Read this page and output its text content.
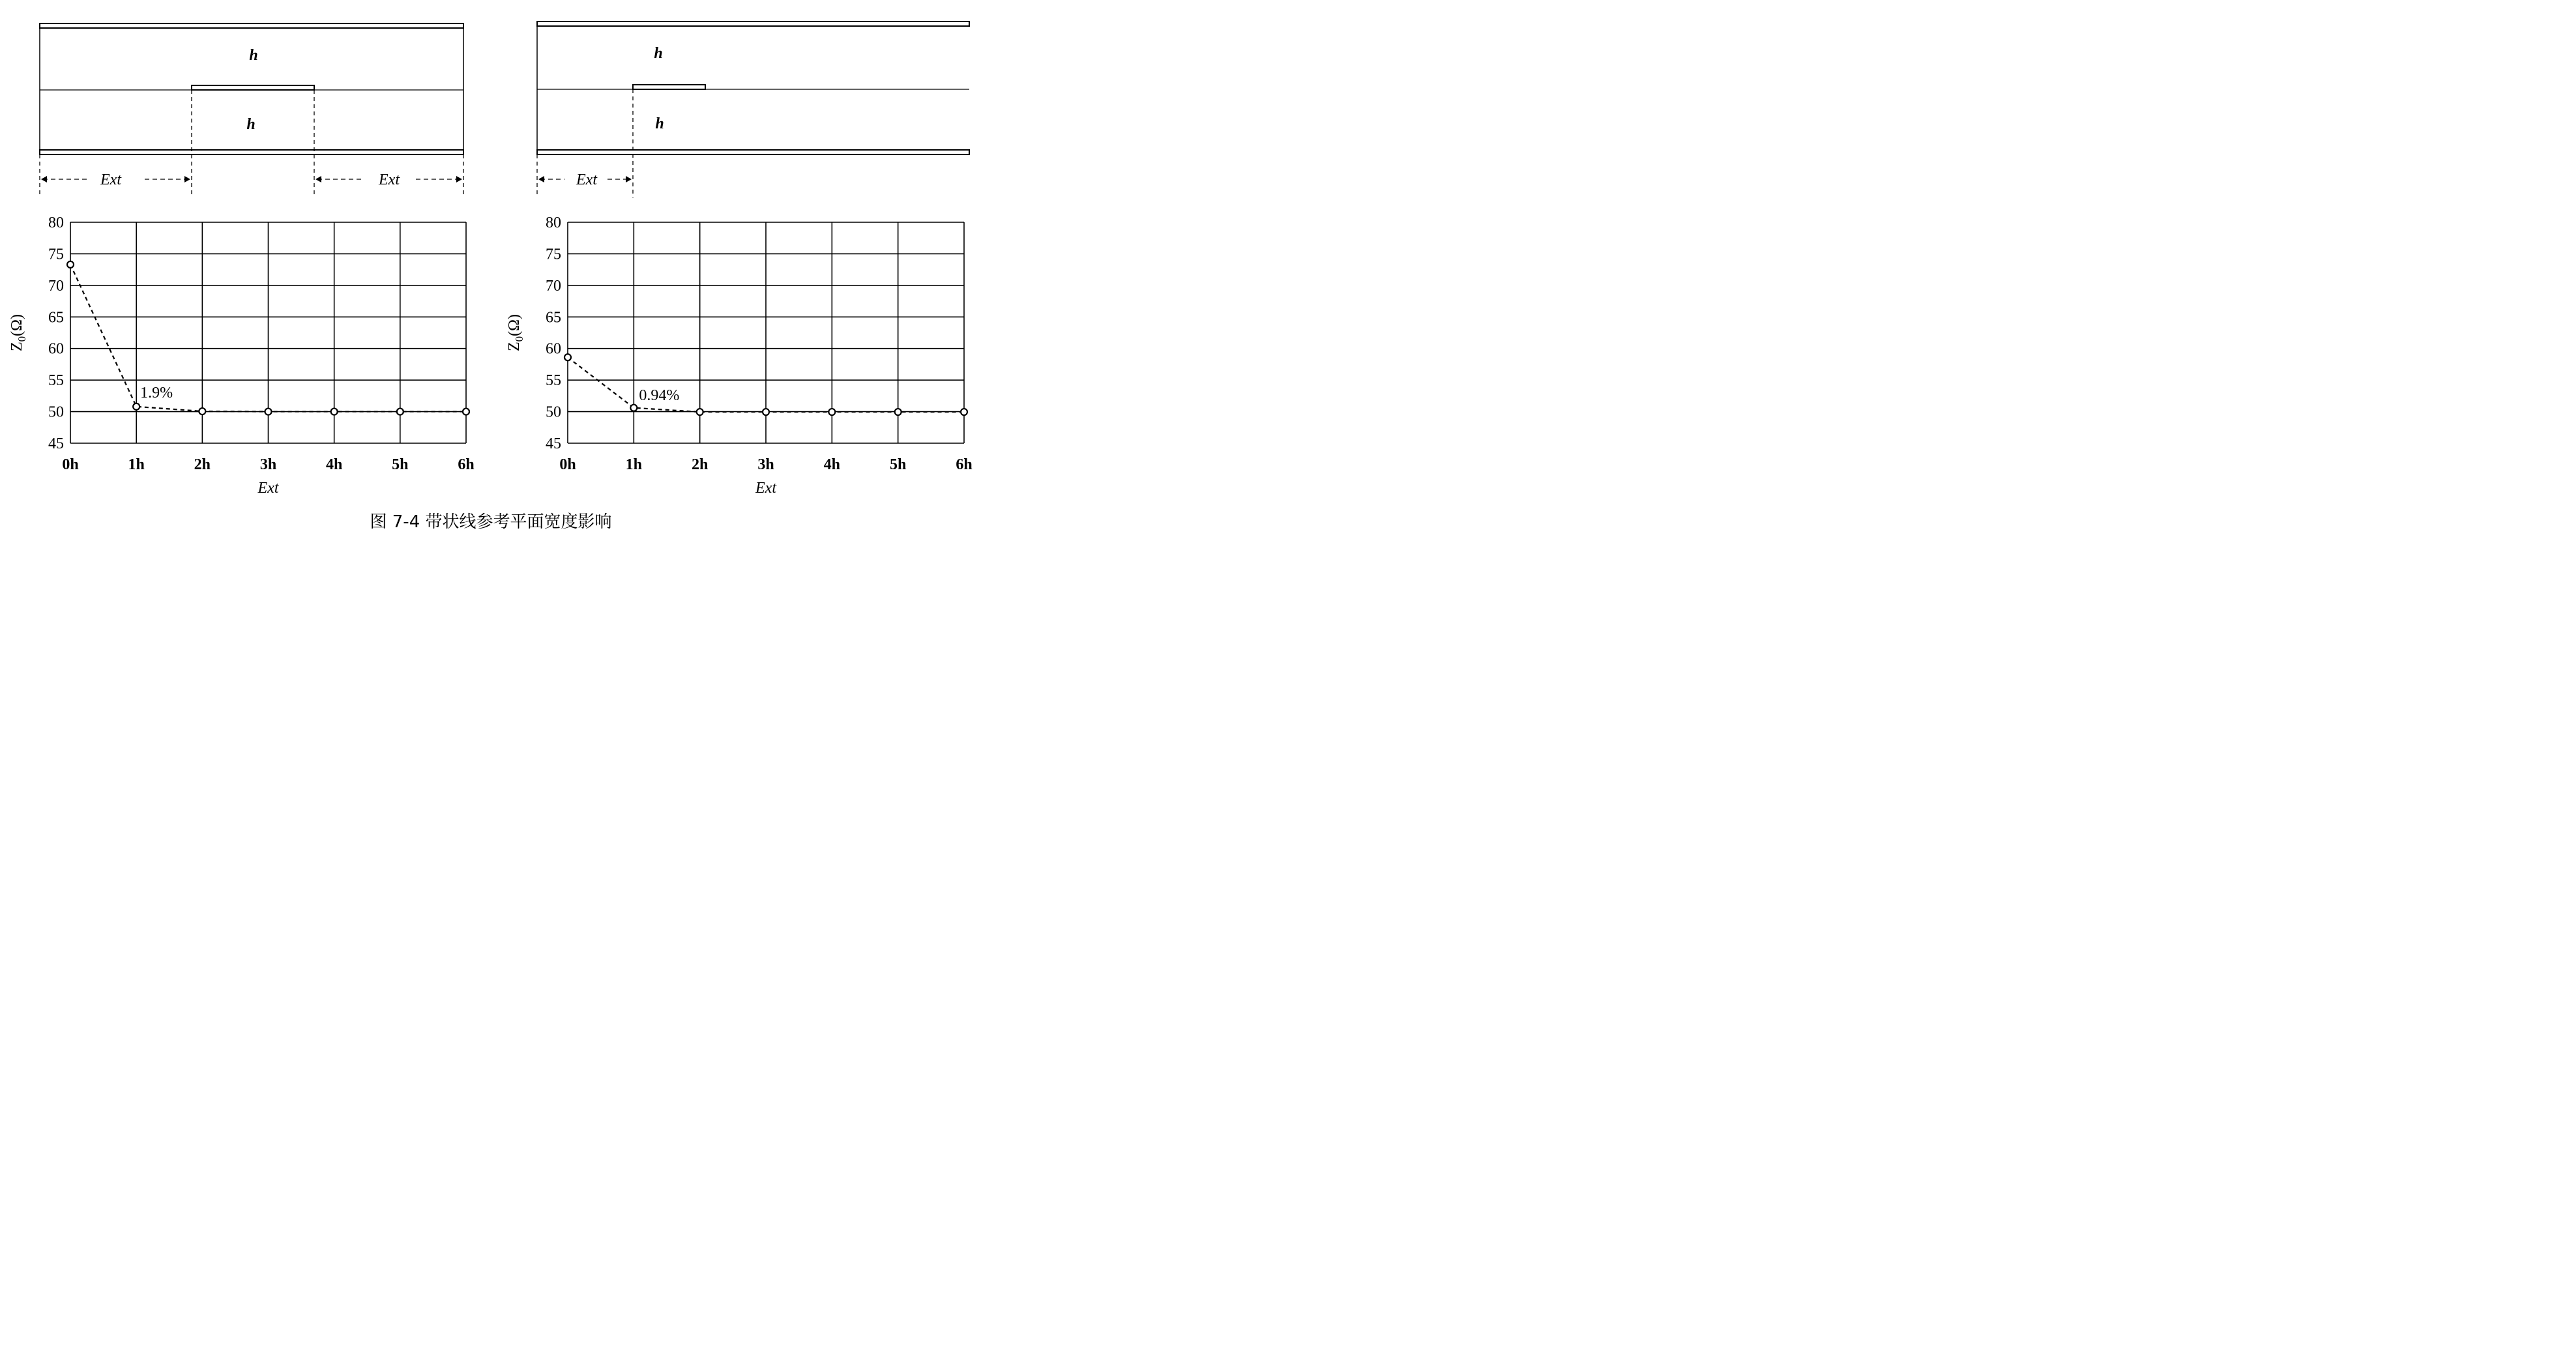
h
h
Ext	Ext
h
h
Ext
45
50
55
60
65
70
75
80
0h	1h	2h	3h	4h	5h	6h
Ext
$Z_0(\Omega)$
1.9%
45
50
55
60
65
70
75
80
0h	1h	2h	3h	4h	5h	6h
Ext
$Z_0(\Omega)$
0.94%
图 7-4 带状线参考平面宽度影响
